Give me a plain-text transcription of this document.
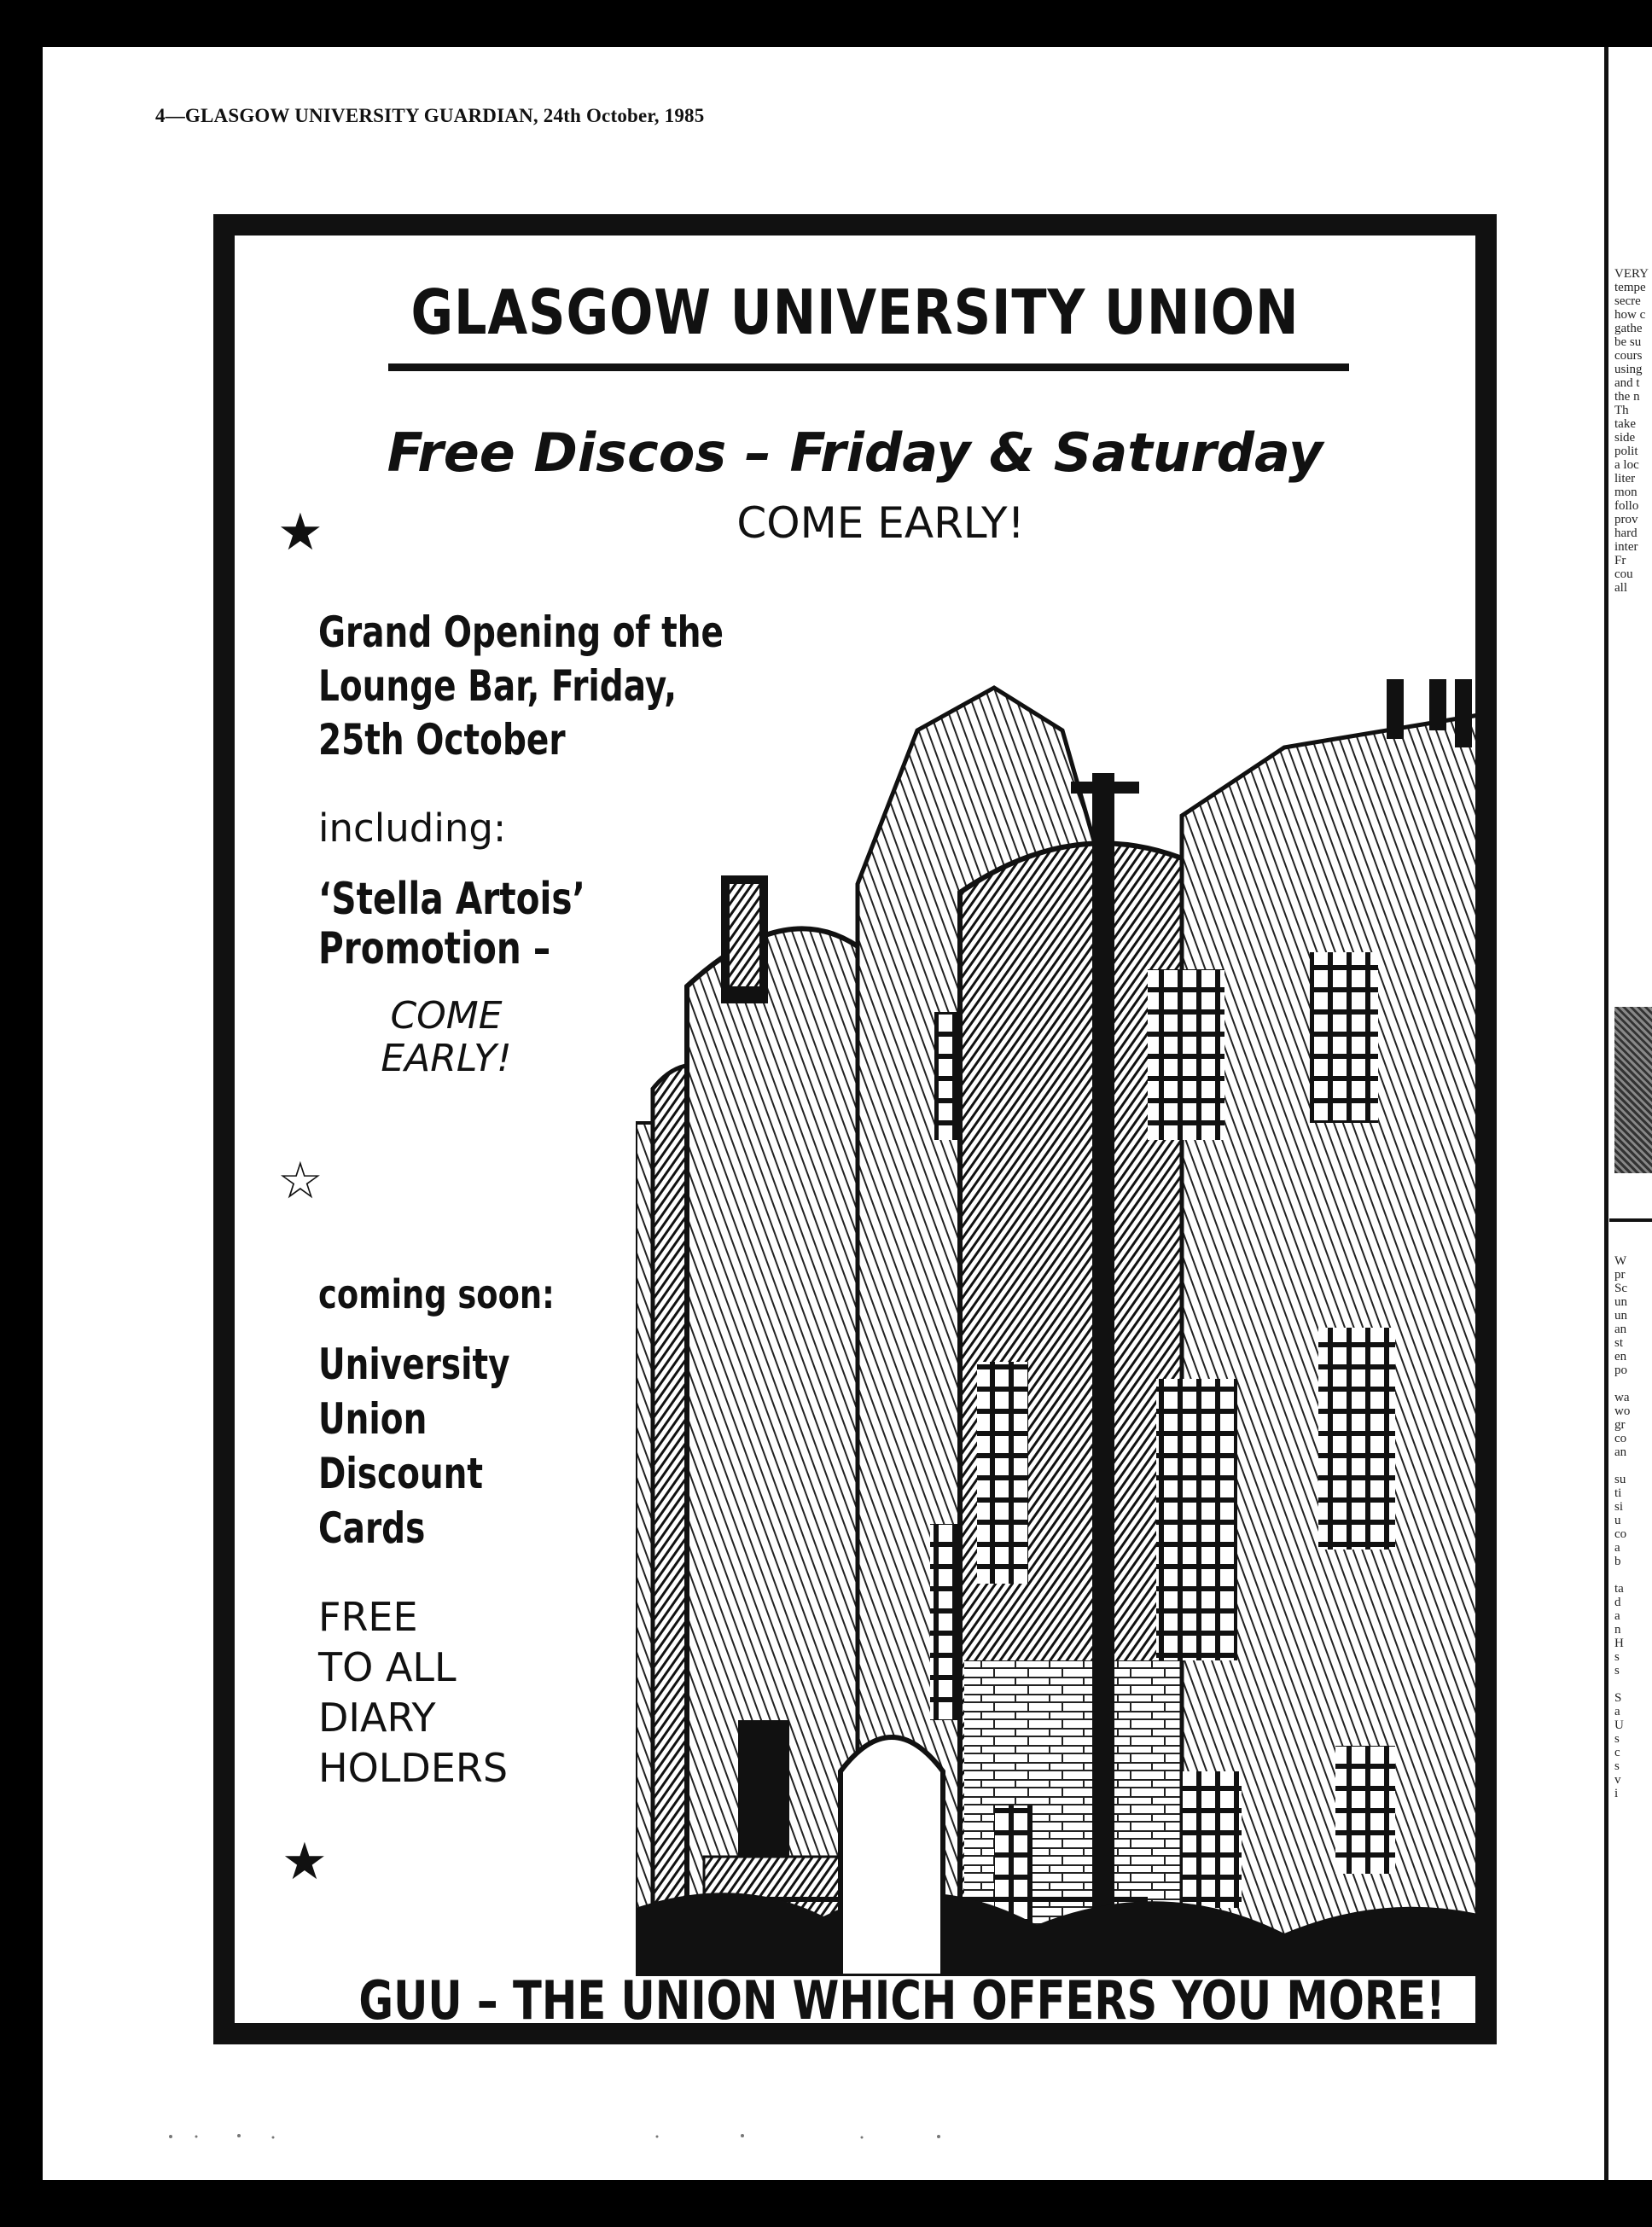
4—GLASGOW UNIVERSITY GUARDIAN, 24th October, 1985
VERY
tempe
secre
how c
gathe
be su
cours
using
and t
the n
Th
take
side
polit
a loc
liter
mon
follo
prov
hard
inter
Fr
cou
all
W
pr
Sc
un
un
an
st
en
po

wa
wo
gr
co
an

su
ti
si
u
co
a
b

ta
d
a
n
H
s
s

S
a
U
s
c
s
v
i
GLASGOW UNIVERSITY UNION
Free Discos – Friday & Saturday
COME EARLY!
★
Grand Opening of the
Lounge Bar, Friday,
25th October
including:
‘Stella Artois’
Promotion –
COME
EARLY!
☆
coming soon:
University
Union
Discount
Cards
FREE
TO ALL
DIARY
HOLDERS
★
GUU – THE UNION WHICH OFFERS YOU MORE!
